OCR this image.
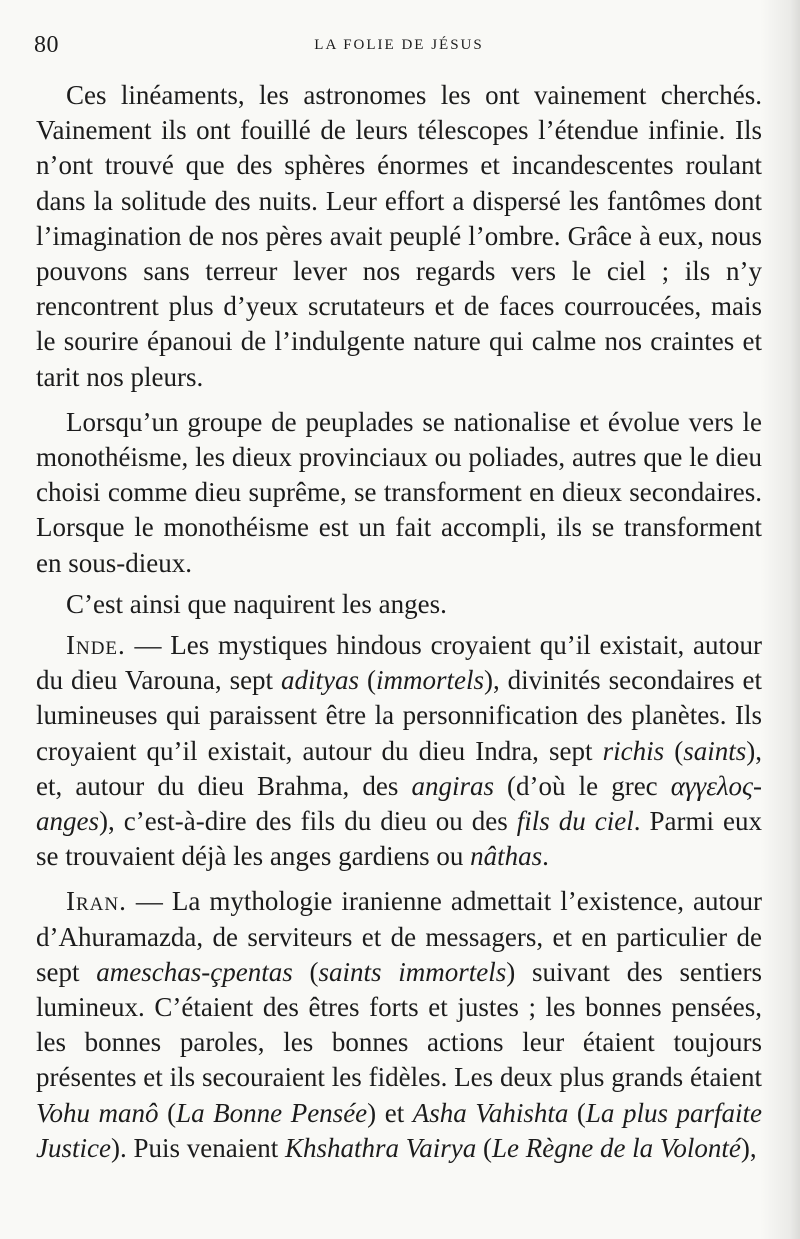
80	LA FOLIE DE JÉSUS

Ces linéaments, les astronomes les ont vainement cherchés. Vainement ils ont fouillé de leurs télescopes l’étendue infinie. Ils n’ont trouvé que des sphères énormes et incandescentes roulant dans la solitude des nuits. Leur effort a dispersé les fantômes dont l’imagination de nos pères avait peuplé l’ombre. Grâce à eux, nous pouvons sans terreur lever nos regards vers le ciel ; ils n’y rencontrent plus d’yeux scrutateurs et de faces courroucées, mais le sourire épanoui de l’indulgente nature qui calme nos craintes et tarit nos pleurs.

Lorsqu’un groupe de peuplades se nationalise et évolue vers le monothéisme, les dieux provinciaux ou poliades, autres que le dieu choisi comme dieu suprême, se transforment en dieux secondaires. Lorsque le monothéisme est un fait accompli, ils se transforment en sous-dieux.

C’est ainsi que naquirent les anges.

Inde. — Les mystiques hindous croyaient qu’il existait, autour du dieu Varouna, sept adityas (immortels), divinités secondaires et lumineuses qui paraissent être la personnification des planètes. Ils croyaient qu’il existait, autour du dieu Indra, sept richis (saints), et, autour du dieu Brahma, des angiras (d’où le grec αγγελος-anges), c’est-à-dire des fils du dieu ou des fils du ciel. Parmi eux se trouvaient déjà les anges gardiens ou nâthas.

Iran. — La mythologie iranienne admettait l’existence, autour d’Ahuramazda, de serviteurs et de messagers, et en particulier de sept ameschas-çpentas (saints immortels) suivant des sentiers lumineux. C’étaient des êtres forts et justes ; les bonnes pensées, les bonnes paroles, les bonnes actions leur étaient toujours présentes et ils secouraient les fidèles. Les deux plus grands étaient Vohu manô (La Bonne Pensée) et Asha Vahishta (La plus parfaite Justice). Puis venaient Khshathra Vairya (Le Règne de la Volonté),
